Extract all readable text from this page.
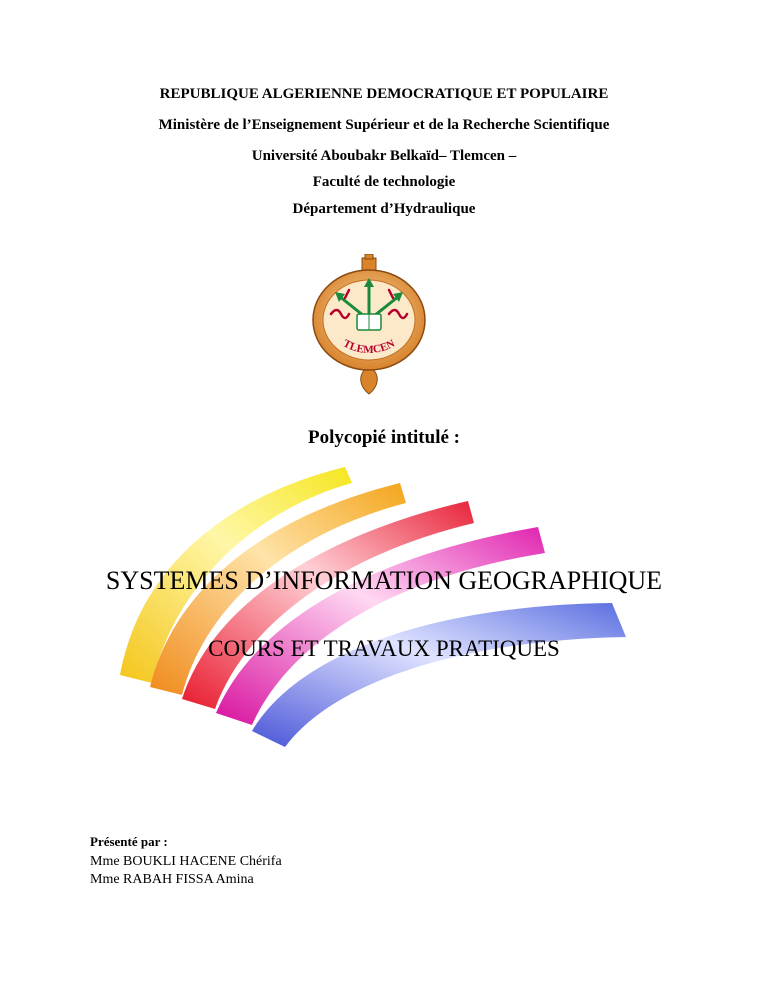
REPUBLIQUE ALGERIENNE DEMOCRATIQUE ET POPULAIRE
Ministère de l’Enseignement Supérieur et de la Recherche Scientifique
Université Aboubakr Belkaïd– Tlemcen –
Faculté de technologie
Département d’Hydraulique
TLEMCEN
Polycopié intitulé :
SYSTEMES D’INFORMATION GEOGRAPHIQUE
COURS ET TRAVAUX PRATIQUES
Présenté par :
Mme BOUKLI HACENE Chérifa
Mme RABAH FISSA Amina
